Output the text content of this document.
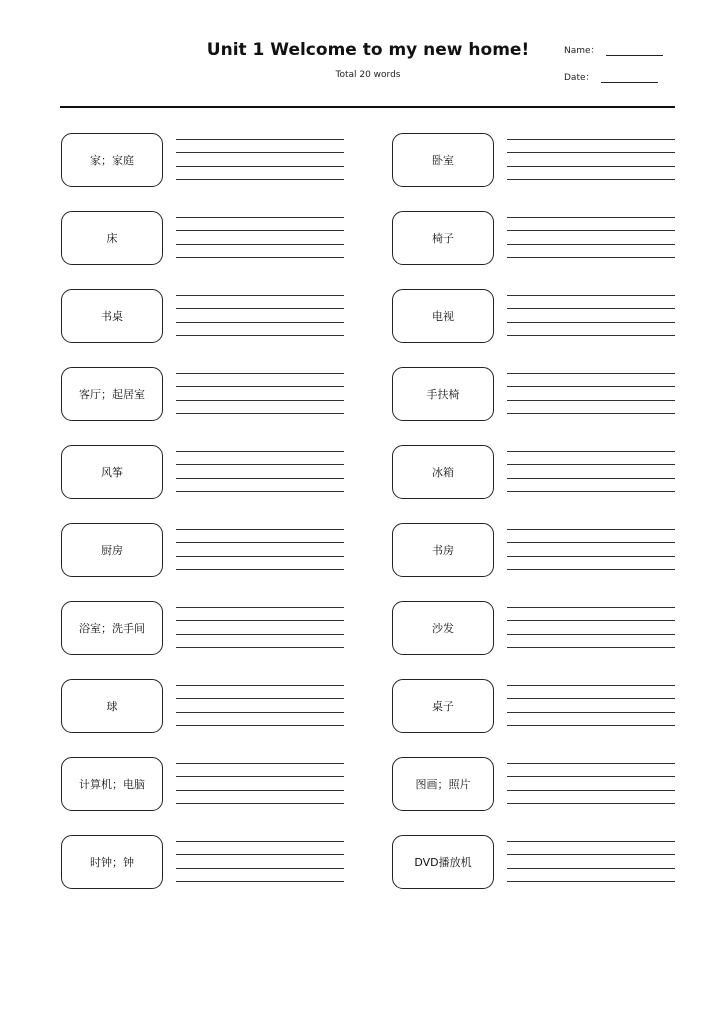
Unit 1 Welcome to my new home!
Total 20 words
Name：
Date：
家；家庭	卧室
床	椅子
书桌	电视
客厅；起居室	手扶椅
风筝	冰箱
厨房	书房
浴室；洗手间	沙发
球	桌子
计算机；电脑	图画；照片
时钟；钟	DVD播放机
